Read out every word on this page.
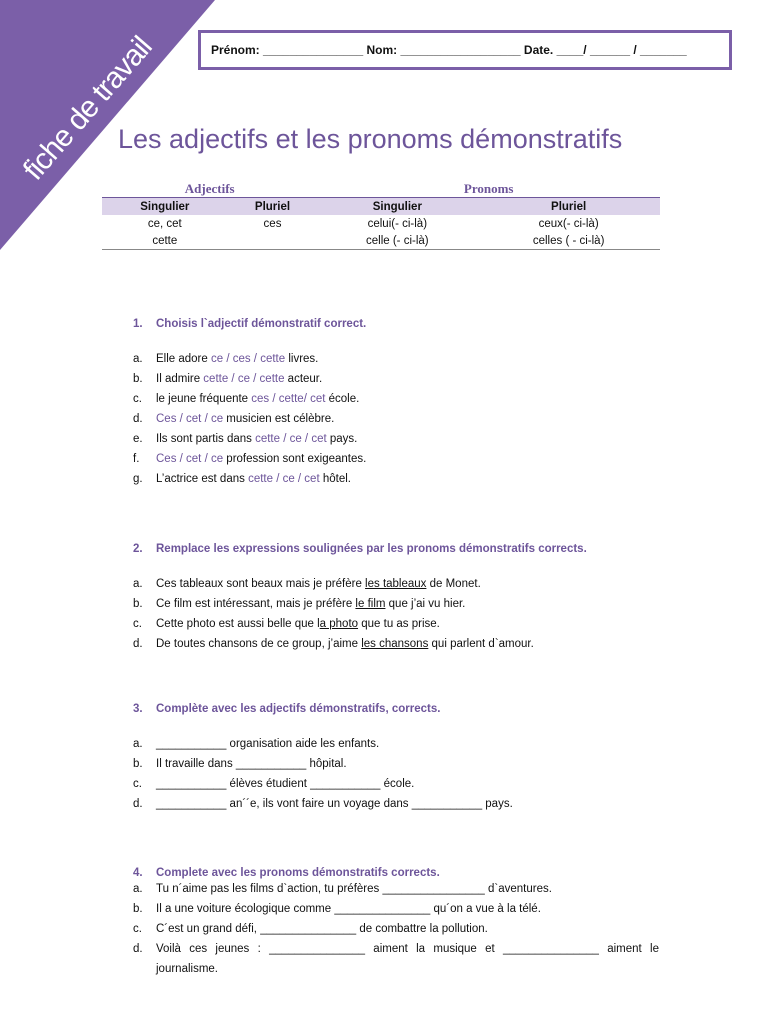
fiche de travail	Prénom: _______________ Nom: __________________ Date. ____/ ______ / _______
Les adjectifs et les pronoms démonstratifs
Adjectifs		Pronoms	
Singulier	Pluriel	Singulier	Pluriel
ce, cet	ces	celui(- ci-là)	ceux(- ci-là)
cette		celle (- ci-là)	celles ( - ci-là)
1. Choisis l`adjectif démonstratif correct.
a. Elle adore ce / ces / cette livres.
b. Il admire cette / ce / cette acteur.
c. le jeune fréquente ces / cette/ cet école.
d. Ces / cet / ce musicien est célèbre.
e. Ils sont partis dans cette / ce / cet pays.
f. Ces / cet / ce profession sont exigeantes.
g. L’actrice est dans cette / ce / cet hôtel.
2. Remplace les expressions soulignées par les pronoms démonstratifs corrects.
a. Ces tableaux sont beaux mais je préfère les tableaux de Monet.
b. Ce film est intéressant, mais je préfère le film que j’ai vu hier.
c. Cette photo est aussi belle que la photo que tu as prise.
d. De toutes chansons de ce group, j’aime les chansons qui parlent d`amour.
3. Complète avec les adjectifs démonstratifs, corrects.
a. ___________ organisation aide les enfants.
b. Il travaille dans ___________ hôpital.
c. ___________ élèves étudient ___________ école.
d. ___________ an´´e, ils vont faire un voyage dans ___________ pays.
4. Complete avec les pronoms démonstratifs corrects.
a. Tu n´aime pas les films d`action, tu préfères ________________ d`aventures.
b. Il a une voiture écologique comme _______________ qu´on a vue à la télé.
c. C´est un grand défi, _______________ de combattre la pollution.
d.	Voilà ces jeunes : _______________ aiment la musique et _______________ aiment le journalisme.
